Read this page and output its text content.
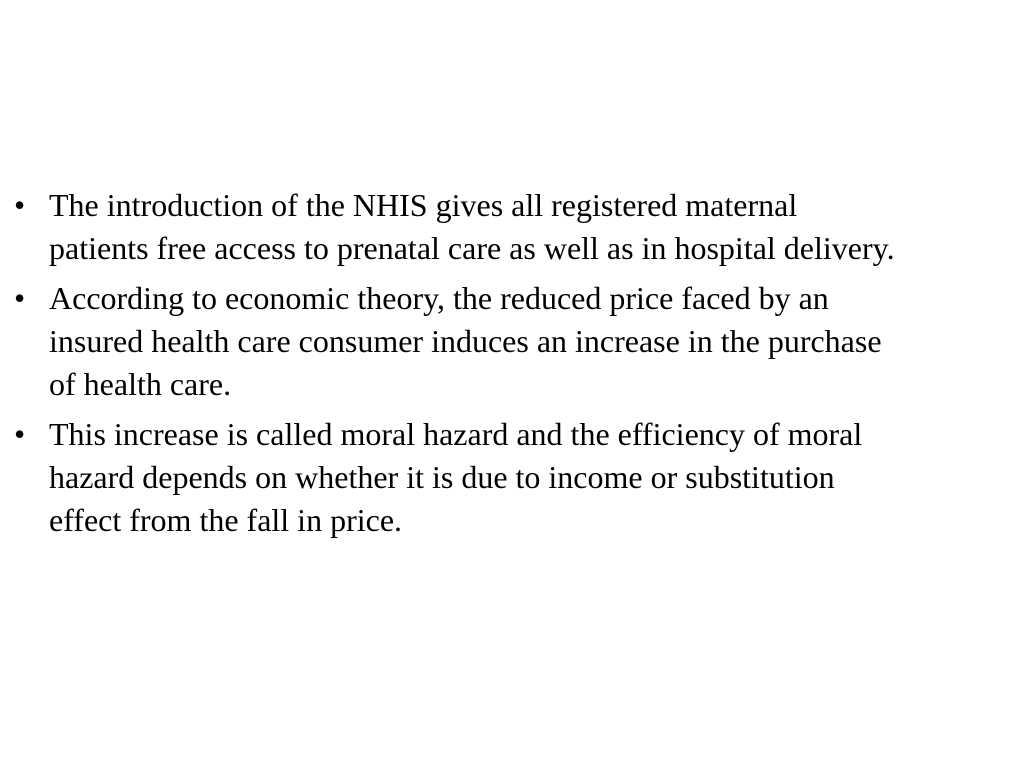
• The introduction of the NHIS gives all registered maternal patients free access to prenatal care as well as in hospital delivery.
• According to economic theory, the reduced price faced by an insured health care consumer induces an increase in the purchase of health care.
• This increase is called moral hazard and the efficiency of moral hazard depends on whether it is due to income or substitution effect from the fall in price.
